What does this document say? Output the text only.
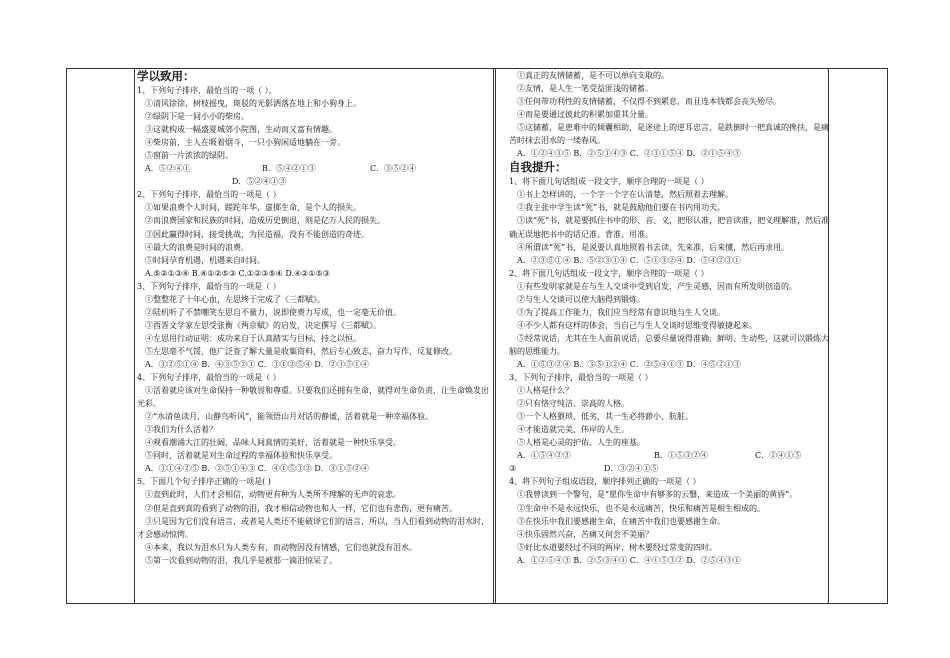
学以致用：
1、下列句子排序，最恰当的一项（ ）。
①清风徐徐，树枝摇曳，斑驳的光影洒落在地上和小狗身上。
②绿阴下是一间小小的柴房。
③这就构成一幅盛夏城郊小院图，生动而又富有情趣。
④柴房前，主人在吸着烟斗，一只小狗闲适地躺在一旁。
⑤窗前一片浓浓的绿阴。
A．⑤②④①	B．⑤④②①③	C．③⑤②④
D．⑤②④①③
2、下列句子排序，最恰当的一项是（ ）
①如果浪费个人时间，蹉跎年华，虚掷生命，是个人的损失。
②而浪费国家和民族的时间，造成历史倒退，则是亿万人民的损失。
③因此赢得时间，接受挑战，为民造福，没有不能创造的奇迹。
④最大的浪费是时间的浪费。
⑤时间孕育机遇，机遇来自时间。
A.⑤②①③④ B.④①②⑤③ C.①②③⑤④ D.④②①⑤③
3、下列句子排序，最恰当的一项是（ ）
①整整花了十年心血，左思终于完成了《三都赋》。
②陆机听了不禁嘲笑左思自不量力，说即使费力写成，也一定毫无价值。
③西晋文学家左思受张衡《两京赋》的启发，决定撰写《三都赋》。
④左思用行动证明：成功来自于认真踏实与目标，持之以恒。
⑤左思毫不气馁，他广泛查了解大量是收集资料，然后专心致志，奋力写作，反复修改。
A．③②⑤①④ B．④③⑤②① C．③①②⑤④ D．②③⑤①④
4、下列句子排序，最恰当的一项是（ ）
①活着就应该对生命保持一种敬畏和尊重。只要我们还拥有生命，就得对生命负责，让生命焕发出光彩。
②“水清鱼读月，山静鸟听风”，能领悟山月对话的静谧，活着就是一种幸福体验。
③我们为什么活着？
④观看潮涌大江的壮阔，品味人间真情的美好，活着就是一种快乐享受。
⑤同时，活着就是对生命过程的幸福体验和快乐享受。
A．③①④②⑤ B．②⑤①④③ C．④①⑤③② D．③①⑤②④
5、下面几个句子排序正确的一项是( )
①直到此时，人们才会相信，动物更有种为人类所不理解的无声的哀悲。
②但是直到真的看到了动物的泪，我才相信动物也和人一样，它们也有悲伤，更有痛苦。
③只是因为它们没有语言，或者是人类还不能破译它们的语言，所以，当人们看到动物的泪水时，才会感动惊愕。
④本来，我以为泪水只为人类专有，而动物因没有情感，它们也就没有泪水。
⑤第一次看到动物的泪，我几乎是被那一滴泪惊呆了。
①真正的友情储蓄，是不可以单向支取的。
②友情，是人生一笔受益匪浅的储蓄。
③任何带功利性的友情储蓄，不仅得不到累息，而且连本钱都会丧失殆尽。
④而是要通过彼此的积累加重其分量。
⑤这储蓄，是患难中的倾囊相助，是迷途上的逆耳忠言，是跌倒时一把真诚的搀扶，是痛苦时抹去泪水的一缕春风。
A．①②④③⑤ B．②⑤①④③ C．②③①⑤④ D．②①⑤④③
自我提升：
1、将下面几句话组成一段文字，顺序合理的一项是（ ）
①书上怎样讲的，一个字一个字在认清楚，然后照着去理解。
②我主张中学生读“死”书，就是鼓励他们要在书内用功夫。
③读“死”书，就是要抓住书中的形、音、义，把形认准，把音读准，把义理解准，然后准确无误地把书中的话记准、背准、用准。
④所谓读“死”书，是说要认真地照着书去读，先来准，后来懂，然后再求用。
A．②③⑤①④ B．⑤②③①④ C．⑤①③②④ D．⑤④②③①
2、将下面几句话组成一段文字，顺序合理的一项是（ ）
①有些发明家就是在与生人交谈中受到启发，产生灵感，因而有所发明创造的。
②与生人交谈可以使大脑得到锻炼。
③为了提高工作能力，我们应当经常有意识地与生人交谈。
④不少人都有这样的体会，当自己与生人交谈时思维变得敏捷起来。
⑤经常说话，尤其在生人面前说话，总要尽量说得准确、鲜明、生动些，这就可以锻炼大脑的思维能力。
A．①⑤③②④ B．③⑤①②④ C．②⑤④①③ D．④⑤②①③
3、下列句子排序，最恰当的一项是（ ）
①人格是什么？
②只有恪守纯洁、崇高的人格。
③一个人格猥琐、低劣，其一生必将渺小、肮脏。
④才能造就完美、伟岸的人生。
⑤人格是心灵的护佑、人生的座基。
A．①⑤④②③	B．①⑤③②④	C．②④①⑤
③	D．③②④①⑤
4、将下列句子组成语段，顺序排列正确的一项是（ ）
①我曾读到一个警句，是“愿你生命中有够多的云翳，来造成一个美丽的黄昏”。
②生命中不是永远快乐，也不是永远痛苦，快乐和痛苦是相生相成的。
③在快乐中我们要感谢生命，在痛苦中我们也要感谢生命。
④快乐固然兴奋，苦痛又何尝不美丽？
⑤好比水道要经过不同的两岸，树木要经过常变的四时。
A．①②⑤④③ B．②⑤③④① C．④①⑤③② D．②⑤④③①
